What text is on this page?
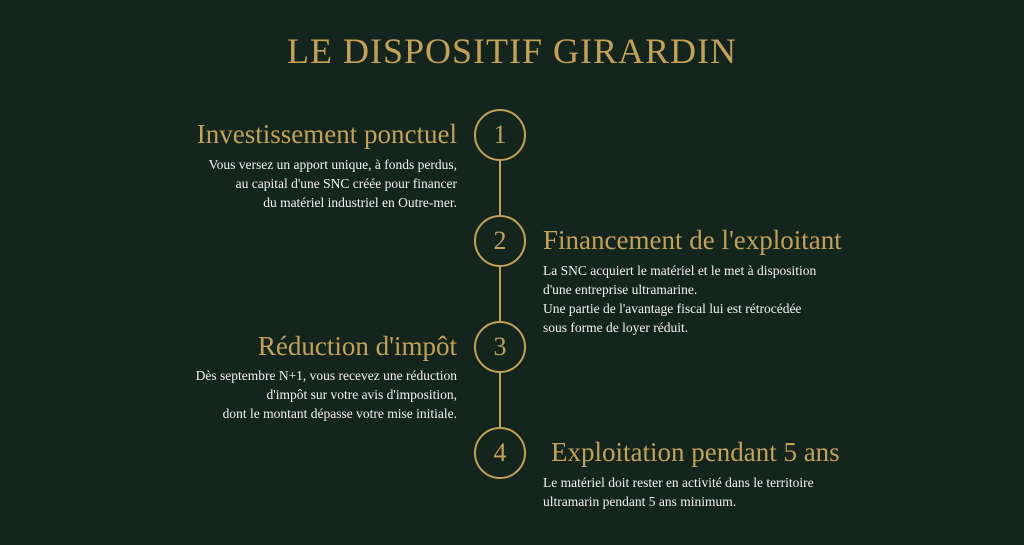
LE DISPOSITIF GIRARDIN
1
Investissement ponctuel
Vous versez un apport unique, à fonds perdus,
au capital d'une SNC créée pour financer
du matériel industriel en Outre-mer.
2 Financement de l'exploitant
La SNC acquiert le matériel et le met à disposition
d'une entreprise ultramarine.
Une partie de l'avantage fiscal lui est rétrocédée
sous forme de loyer réduit.
3
Réduction d'impôt
Dès septembre N+1, vous recevez une réduction
d'impôt sur votre avis d'imposition,
dont le montant dépasse votre mise initiale.
4 Exploitation pendant 5 ans
Le matériel doit rester en activité dans le territoire
ultramarin pendant 5 ans minimum.
